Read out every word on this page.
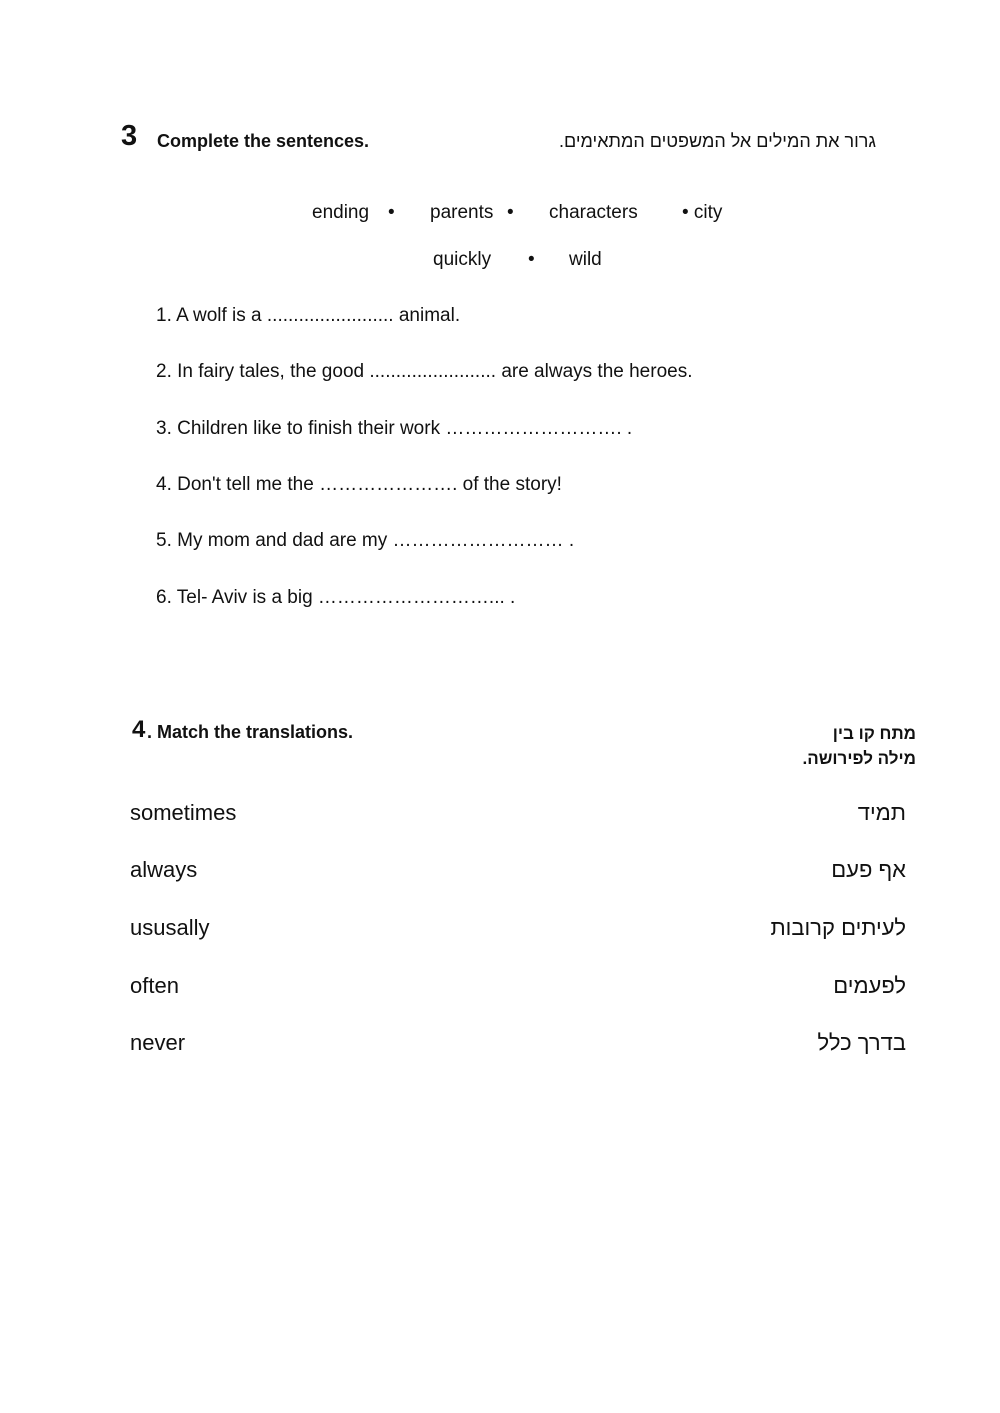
3 Complete the sentences.	גרור את המילים אל המשפטים המתאימים.
ending • parents • characters • city
quickly • wild
1. A wolf is a ........................ animal.
2. In fairy tales, the good ........................ are always the heroes.
3. Children like to finish their work ………………………. .
4. Don't tell me the …………………. of the story!
5. My mom and dad are my ……………………… .
6. Tel- Aviv is a big ………………………... .
4 . Match the translations.	מתח קו בין
מילה לפירושה.
sometimes
always
ususally
often
never
תמיד
אף פעם
לעיתים קרובות
לפעמים
בדרך כלל
